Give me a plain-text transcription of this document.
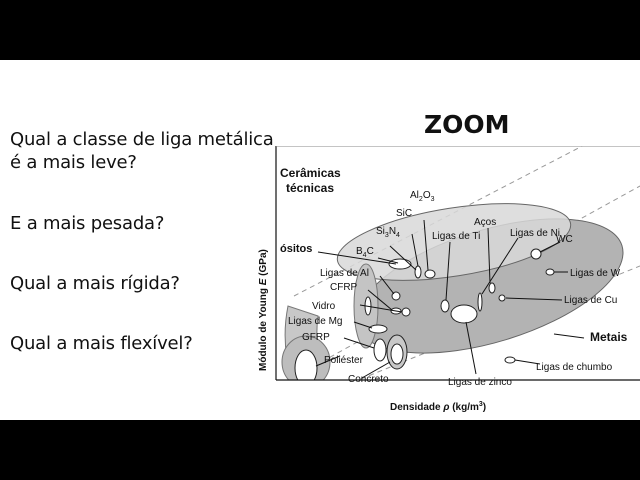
Qual a classe de liga metálica
é a mais leve?
E a mais pesada?
Qual a mais rígida?
Qual a mais flexível?
ZOOM
Cerâmicas
técnicas
ósitos	$B_4C$
$Si_3N_4$
SiC
$Al_2O_3$
Ligas de Ti
Aços
Ligas de Ni
WC
Ligas de W
Ligas de Cu
Ligas de Al
CFRP
Vidro
Ligas de Mg
GFRP	Metais
Poliéster
Concreto	Ligas de zinco
Ligas de chumbo
Módulo de Young E (GPa)
Densidade ρ $(kg/m^3)$
